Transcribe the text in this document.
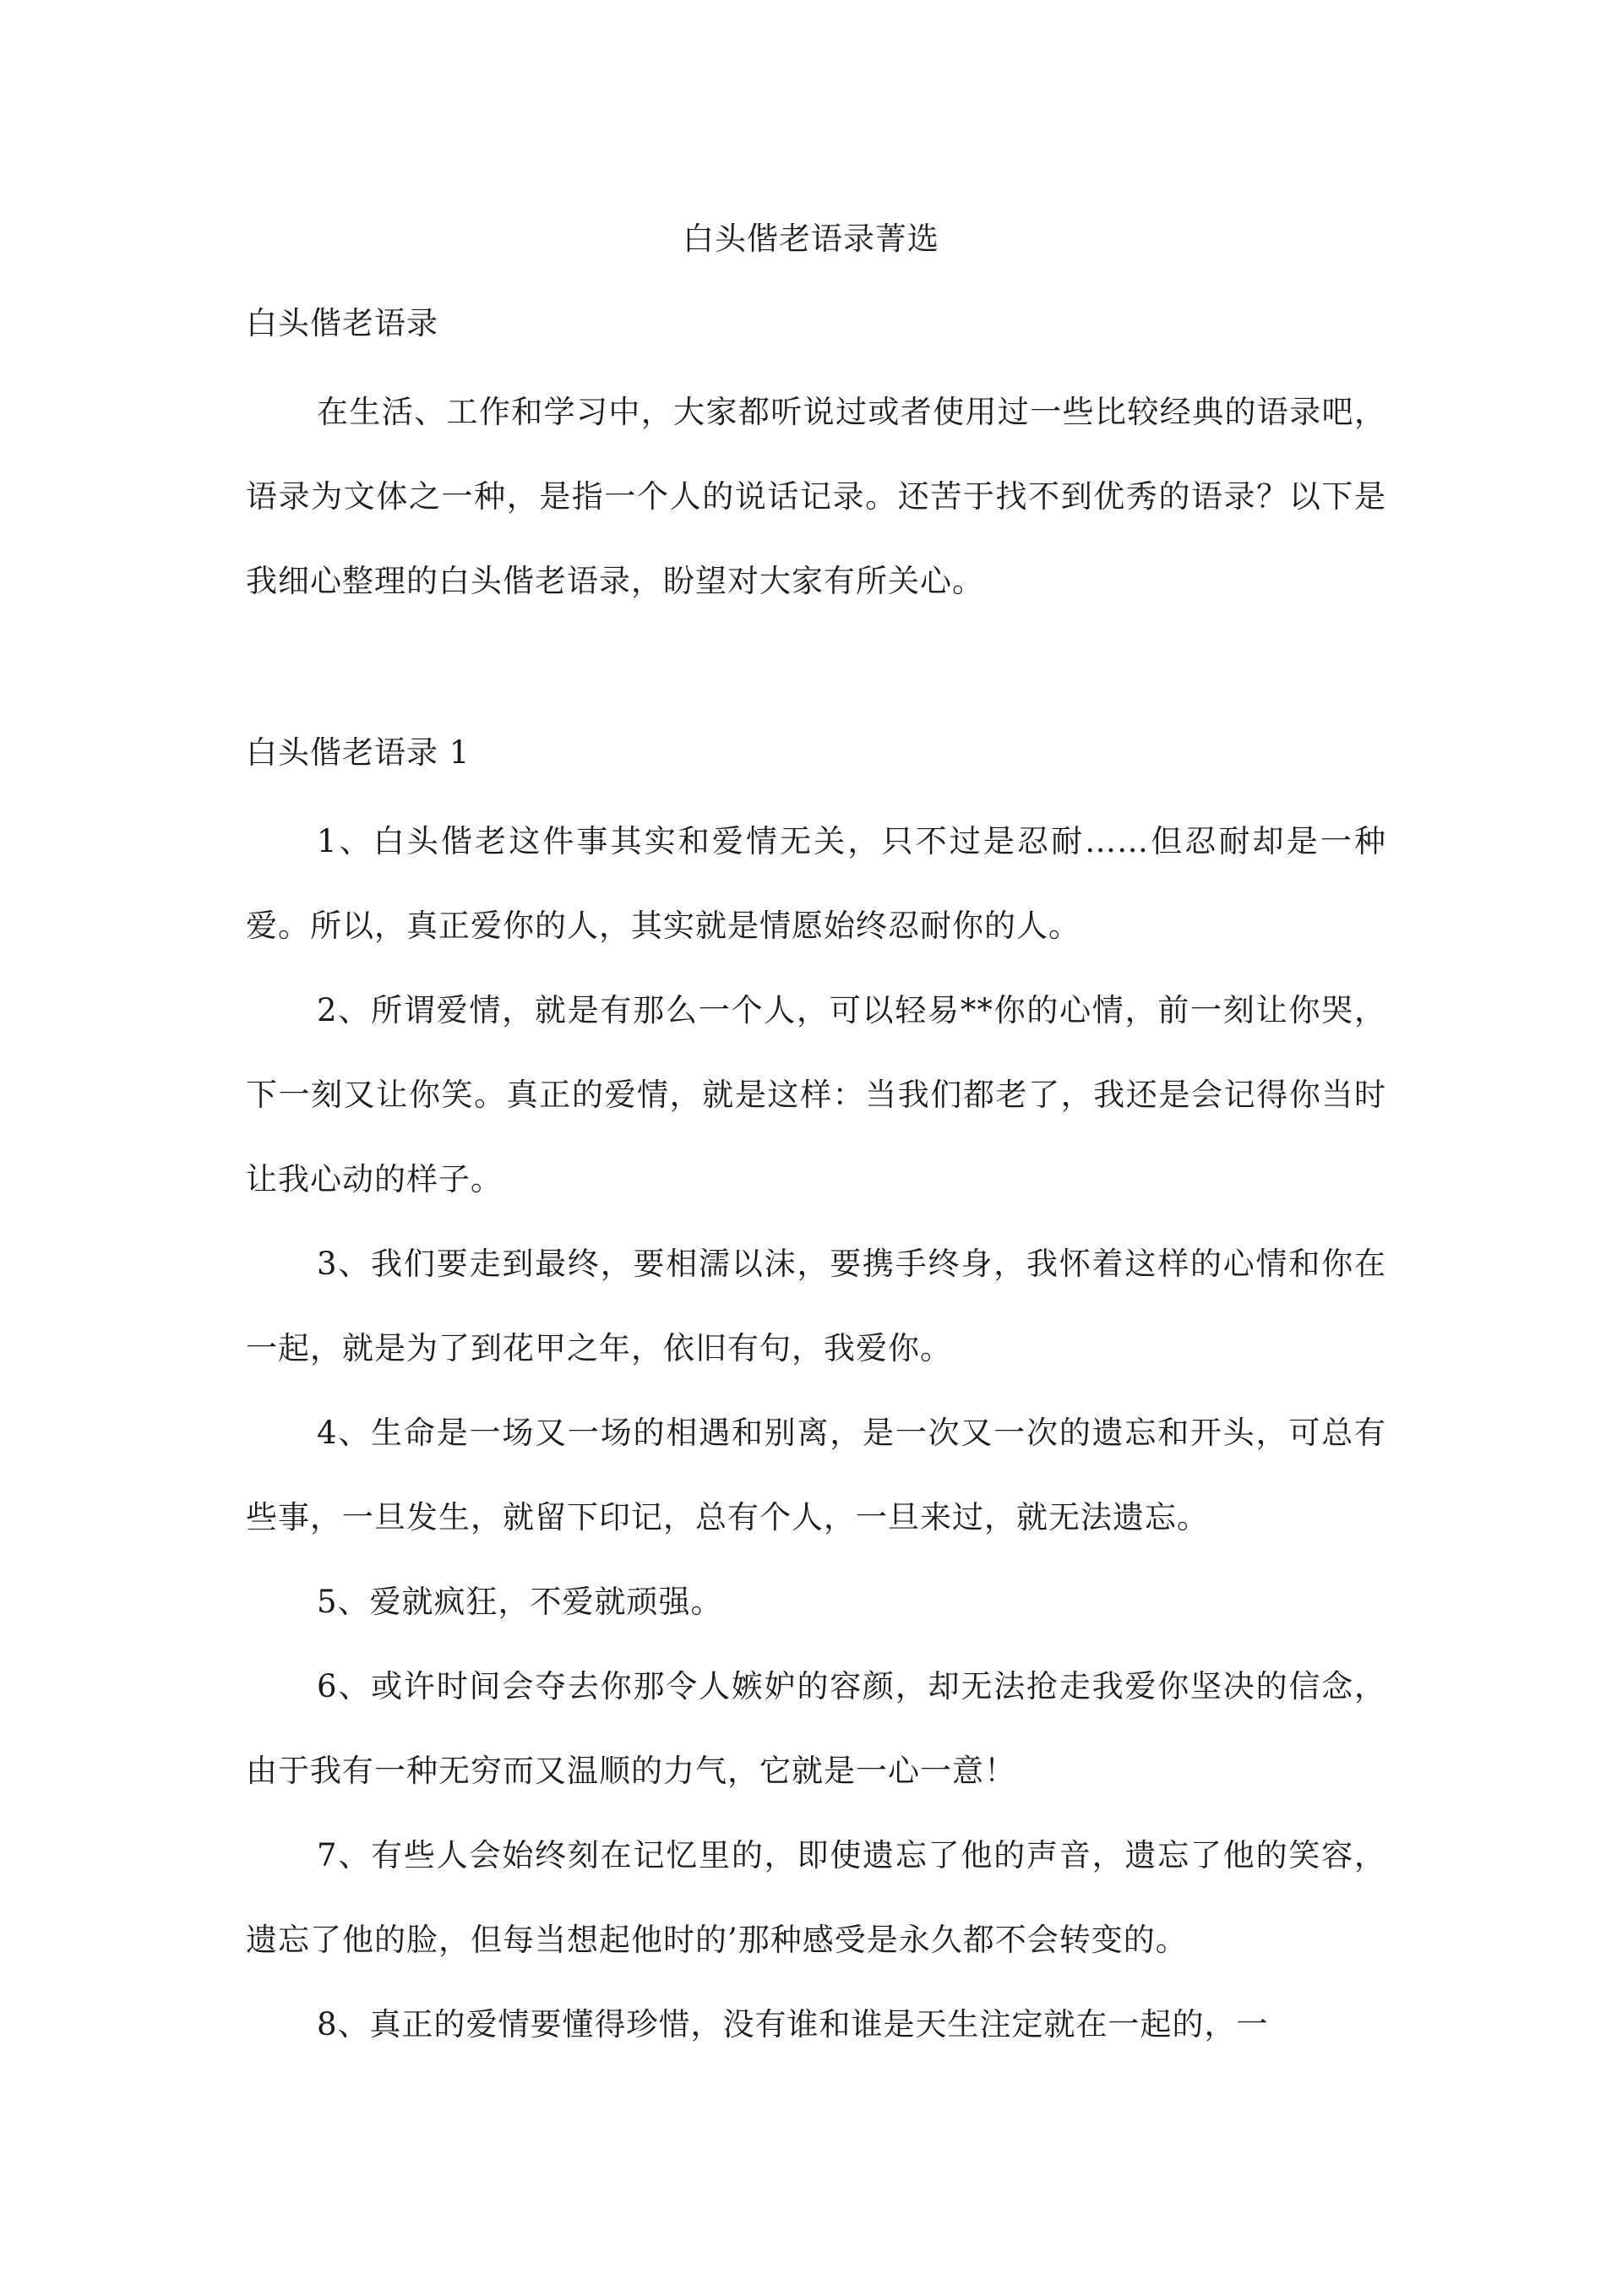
白头偕老语录菁选
白头偕老语录

在生活、工作和学习中，大家都听说过或者使用过一些比较经典的语录吧，语录为文体之一种，是指一个人的说话记录。还苦于找不到优秀的语录？以下是我细心整理的白头偕老语录，盼望对大家有所关心。

白头偕老语录 1

1、白头偕老这件事其实和爱情无关，只不过是忍耐……但忍耐却是一种爱。所以，真正爱你的人，其实就是情愿始终忍耐你的人。

2、所谓爱情，就是有那么一个人，可以轻易**你的心情，前一刻让你哭，下一刻又让你笑。真正的爱情，就是这样：当我们都老了，我还是会记得你当时让我心动的样子。

3、我们要走到最终，要相濡以沫，要携手终身，我怀着这样的心情和你在一起，就是为了到花甲之年，依旧有句，我爱你。

4、生命是一场又一场的相遇和别离，是一次又一次的遗忘和开头，可总有些事，一旦发生，就留下印记，总有个人，一旦来过，就无法遗忘。

5、爱就疯狂，不爱就顽强。

6、或许时间会夺去你那令人嫉妒的容颜，却无法抢走我爱你坚决的信念，由于我有一种无穷而又温顺的力气，它就是一心一意！

7、有些人会始终刻在记忆里的，即使遗忘了他的声音，遗忘了他的笑容，遗忘了他的脸，但每当想起他时的’那种感受是永久都不会转变的。

8、真正的爱情要懂得珍惜，没有谁和谁是天生注定就在一起的，一
